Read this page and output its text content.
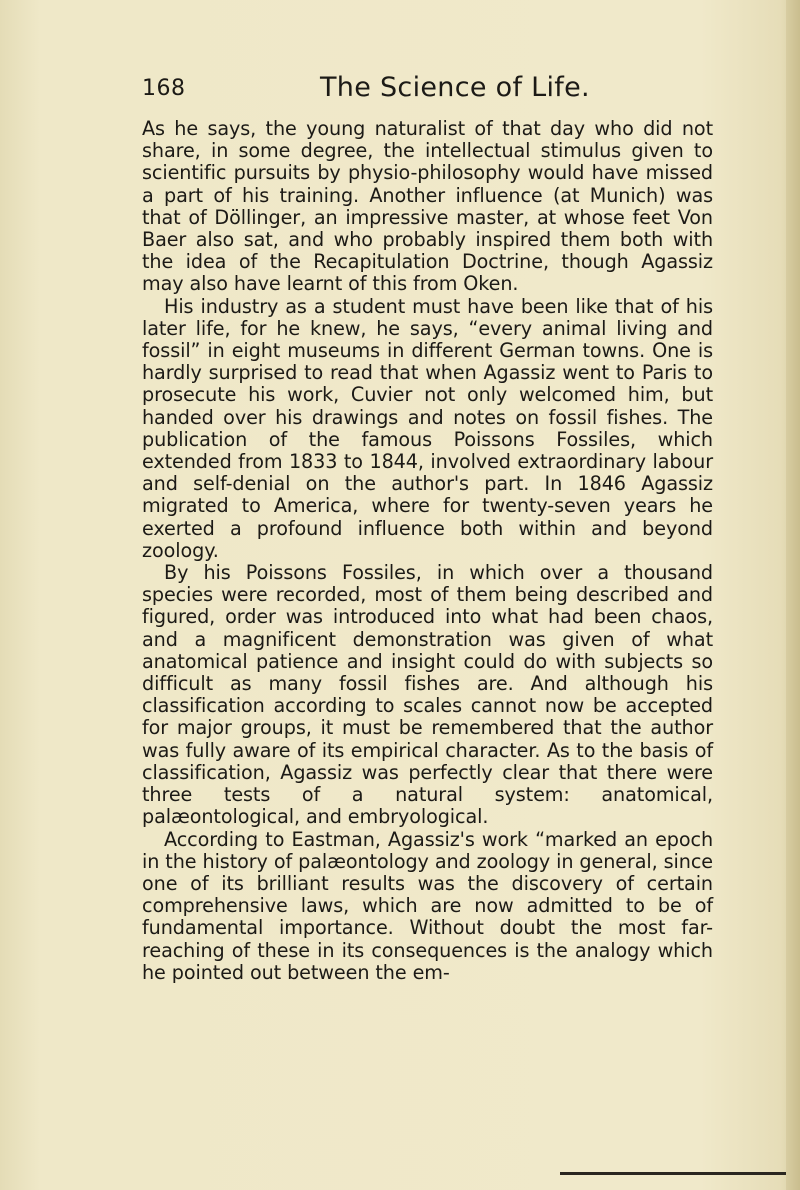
168	The Science of Life.

As he says, the young naturalist of that day who did not share, in some degree, the intellectual stimulus given to scientific pursuits by physio-philosophy would have missed a part of his training. Another influence (at Munich) was that of Döllinger, an impressive master, at whose feet Von Baer also sat, and who probably inspired them both with the idea of the Recapitulation Doctrine, though Agassiz may also have learnt of this from Oken.

His industry as a student must have been like that of his later life, for he knew, he says, “every animal living and fossil” in eight museums in different German towns. One is hardly surprised to read that when Agassiz went to Paris to prosecute his work, Cuvier not only welcomed him, but handed over his drawings and notes on fossil fishes. The publication of the famous Poissons Fossiles, which extended from 1833 to 1844, involved extraordinary labour and self-denial on the author's part. In 1846 Agassiz migrated to America, where for twenty-seven years he exerted a profound influence both within and beyond zoology.

By his Poissons Fossiles, in which over a thousand species were recorded, most of them being described and figured, order was introduced into what had been chaos, and a magnificent demonstration was given of what anatomical patience and insight could do with subjects so difficult as many fossil fishes are. And although his classification according to scales cannot now be accepted for major groups, it must be remembered that the author was fully aware of its empirical character. As to the basis of classification, Agassiz was perfectly clear that there were three tests of a natural system: anatomical, palæontological, and embryological.

According to Eastman, Agassiz's work “marked an epoch in the history of palæontology and zoology in general, since one of its brilliant results was the discovery of certain comprehensive laws, which are now admitted to be of fundamental importance. Without doubt the most far-reaching of these in its consequences is the analogy which he pointed out between the em-
